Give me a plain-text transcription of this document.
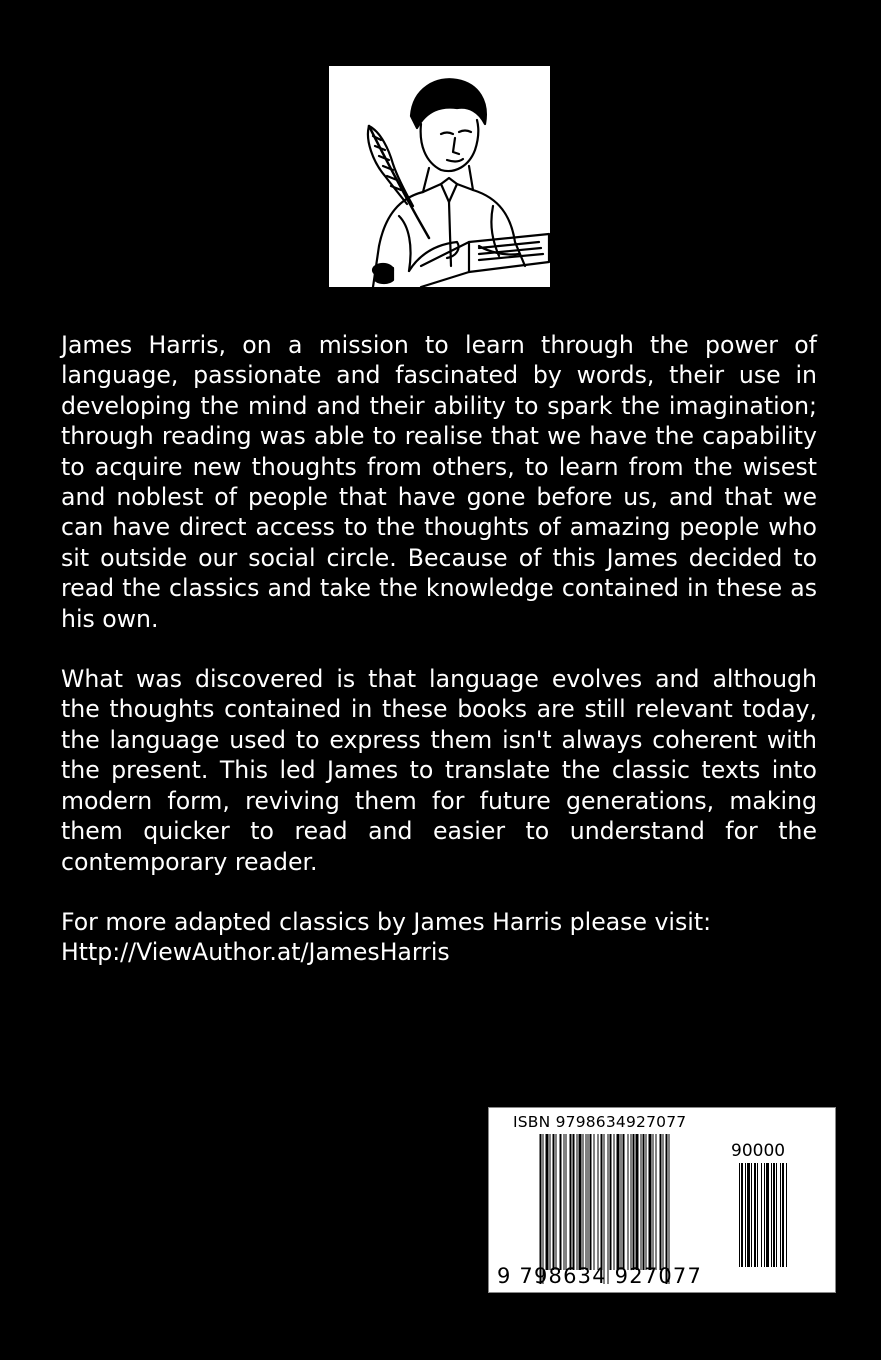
James Harris, on a mission to learn through the power of language, passionate and fascinated by words, their use in developing the mind and their ability to spark the imagination; through reading was able to realise that we have the capability to acquire new thoughts from others, to learn from the wisest and noblest of people that have gone before us, and that we can have direct access to the thoughts of amazing people who sit outside our social circle. Because of this James decided to read the classics and take the knowledge contained in these as his own.

What was discovered is that language evolves and although the thoughts contained in these books are still relevant today, the language used to express them isn't always coherent with the present. This led James to translate the classic texts into modern form, reviving them for future generations, making them quicker to read and easier to understand for the contemporary reader.

For more adapted classics by James Harris please visit:
Http://ViewAuthor.at/JamesHarris
ISBN 9798634927077
90000
9 798634 927077
